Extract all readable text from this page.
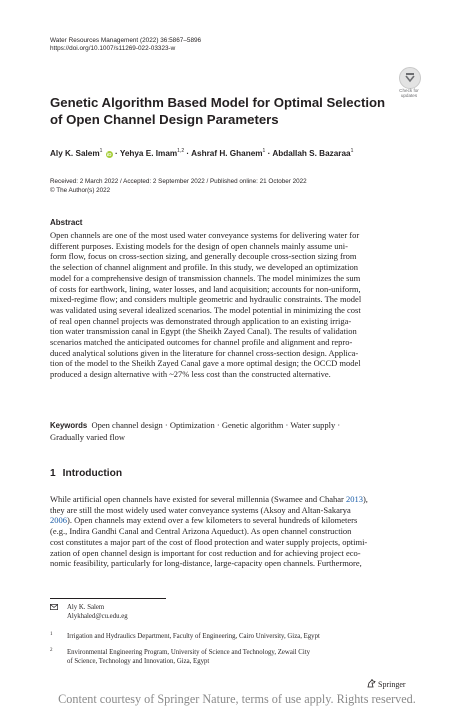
Water Resources Management (2022) 36:5867–5896
https://doi.org/10.1007/s11269-022-03323-w
Check for
updates
Genetic Algorithm Based Model for Optimal Selection
of Open Channel Design Parameters
Aly K. Salem$^1$ iD · Yehya E. Imam$^{1,2}$ · Ashraf H. Ghanem$^1$ · Abdallah S. Bazaraa$^1$
Received: 2 March 2022 / Accepted: 2 September 2022 / Published online: 21 October 2022
© The Author(s) 2022
Abstract
Open channels are one of the most used water conveyance systems for delivering water for
different purposes. Existing models for the design of open channels mainly assume uni-
form flow, focus on cross-section sizing, and generally decouple cross-section sizing from
the selection of channel alignment and profile. In this study, we developed an optimization
model for a comprehensive design of transmission channels. The model minimizes the sum
of costs for earthwork, lining, water losses, and land acquisition; accounts for non-uniform,
mixed-regime flow; and considers multiple geometric and hydraulic constraints. The model
was validated using several idealized scenarios. The model potential in minimizing the cost
of real open channel projects was demonstrated through application to an existing irriga-
tion water transmission canal in Egypt (the Sheikh Zayed Canal). The results of validation
scenarios matched the anticipated outcomes for channel profile and alignment and repro-
duced analytical solutions given in the literature for channel cross-section design. Applica-
tion of the model to the Sheikh Zayed Canal gave a more optimal design; the OCCD model
produced a design alternative with ~27% less cost than the constructed alternative.
Keywords Open channel design · Optimization · Genetic algorithm · Water supply ·
Gradually varied flow
1 Introduction
While artificial open channels have existed for several millennia (Swamee and Chahar 2013),
they are still the most widely used water conveyance systems (Aksoy and Altan-Sakarya
2006). Open channels may extend over a few kilometers to several hundreds of kilometers
(e.g., Indira Gandhi Canal and Central Arizona Aqueduct). As open channel construction
cost constitutes a major part of the cost of flood protection and water supply projects, optimi-
zation of open channel design is important for cost reduction and for achieving project eco-
nomic feasibility, particularly for long-distance, large-capacity open channels. Furthermore,
Aly K. Salem
Alykhaled@cu.edu.eg
1 Irrigation and Hydraulics Department, Faculty of Engineering, Cairo University, Giza, Egypt
2 Environmental Engineering Program, University of Science and Technology, Zewail City
of Science, Technology and Innovation, Giza, Egypt
Springer
Content courtesy of Springer Nature, terms of use apply. Rights reserved.
